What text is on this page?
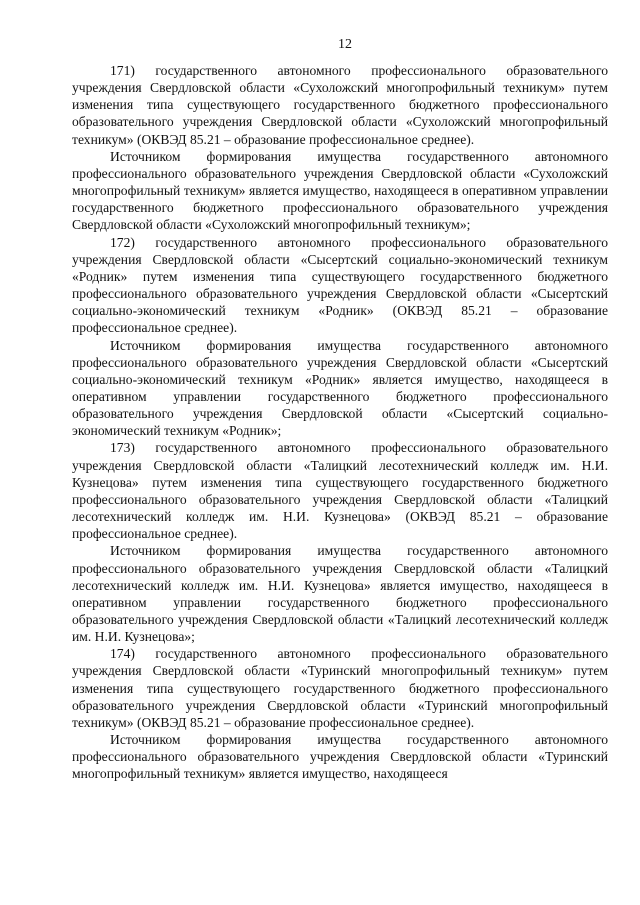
12

171) государственного автономного профессионального образовательного учреждения Свердловской области «Сухоложский многопрофильный техникум» путем изменения типа существующего государственного бюджетного профессионального образовательного учреждения Свердловской области «Сухоложский многопрофильный техникум» (ОКВЭД 85.21 – образование профессиональное среднее).

Источником формирования имущества государственного автономного профессионального образовательного учреждения Свердловской области «Сухоложский многопрофильный техникум» является имущество, находящееся в оперативном управлении государственного бюджетного профессионального образовательного учреждения Свердловской области «Сухоложский многопрофильный техникум»;

172) государственного автономного профессионального образовательного учреждения Свердловской области «Сысертский социально-экономический техникум «Родник» путем изменения типа существующего государственного бюджетного профессионального образовательного учреждения Свердловской области «Сысертский социально-экономический техникум «Родник» (ОКВЭД 85.21 – образование профессиональное среднее).

Источником формирования имущества государственного автономного профессионального образовательного учреждения Свердловской области «Сысертский социально-экономический техникум «Родник» является имущество, находящееся в оперативном управлении государственного бюджетного профессионального образовательного учреждения Свердловской области «Сысертский социально-экономический техникум «Родник»;

173) государственного автономного профессионального образовательного учреждения Свердловской области «Талицкий лесотехнический колледж им. Н.И. Кузнецова» путем изменения типа существующего государственного бюджетного профессионального образовательного учреждения Свердловской области «Талицкий лесотехнический колледж им. Н.И. Кузнецова» (ОКВЭД 85.21 – образование профессиональное среднее).

Источником формирования имущества государственного автономного профессионального образовательного учреждения Свердловской области «Талицкий лесотехнический колледж им. Н.И. Кузнецова» является имущество, находящееся в оперативном управлении государственного бюджетного профессионального образовательного учреждения Свердловской области «Талицкий лесотехнический колледж им. Н.И. Кузнецова»;

174) государственного автономного профессионального образовательного учреждения Свердловской области «Туринский многопрофильный техникум» путем изменения типа существующего государственного бюджетного профессионального образовательного учреждения Свердловской области «Туринский многопрофильный техникум» (ОКВЭД 85.21 – образование профессиональное среднее).

Источником формирования имущества государственного автономного профессионального образовательного учреждения Свердловской области «Туринский многопрофильный техникум» является имущество, находящееся
